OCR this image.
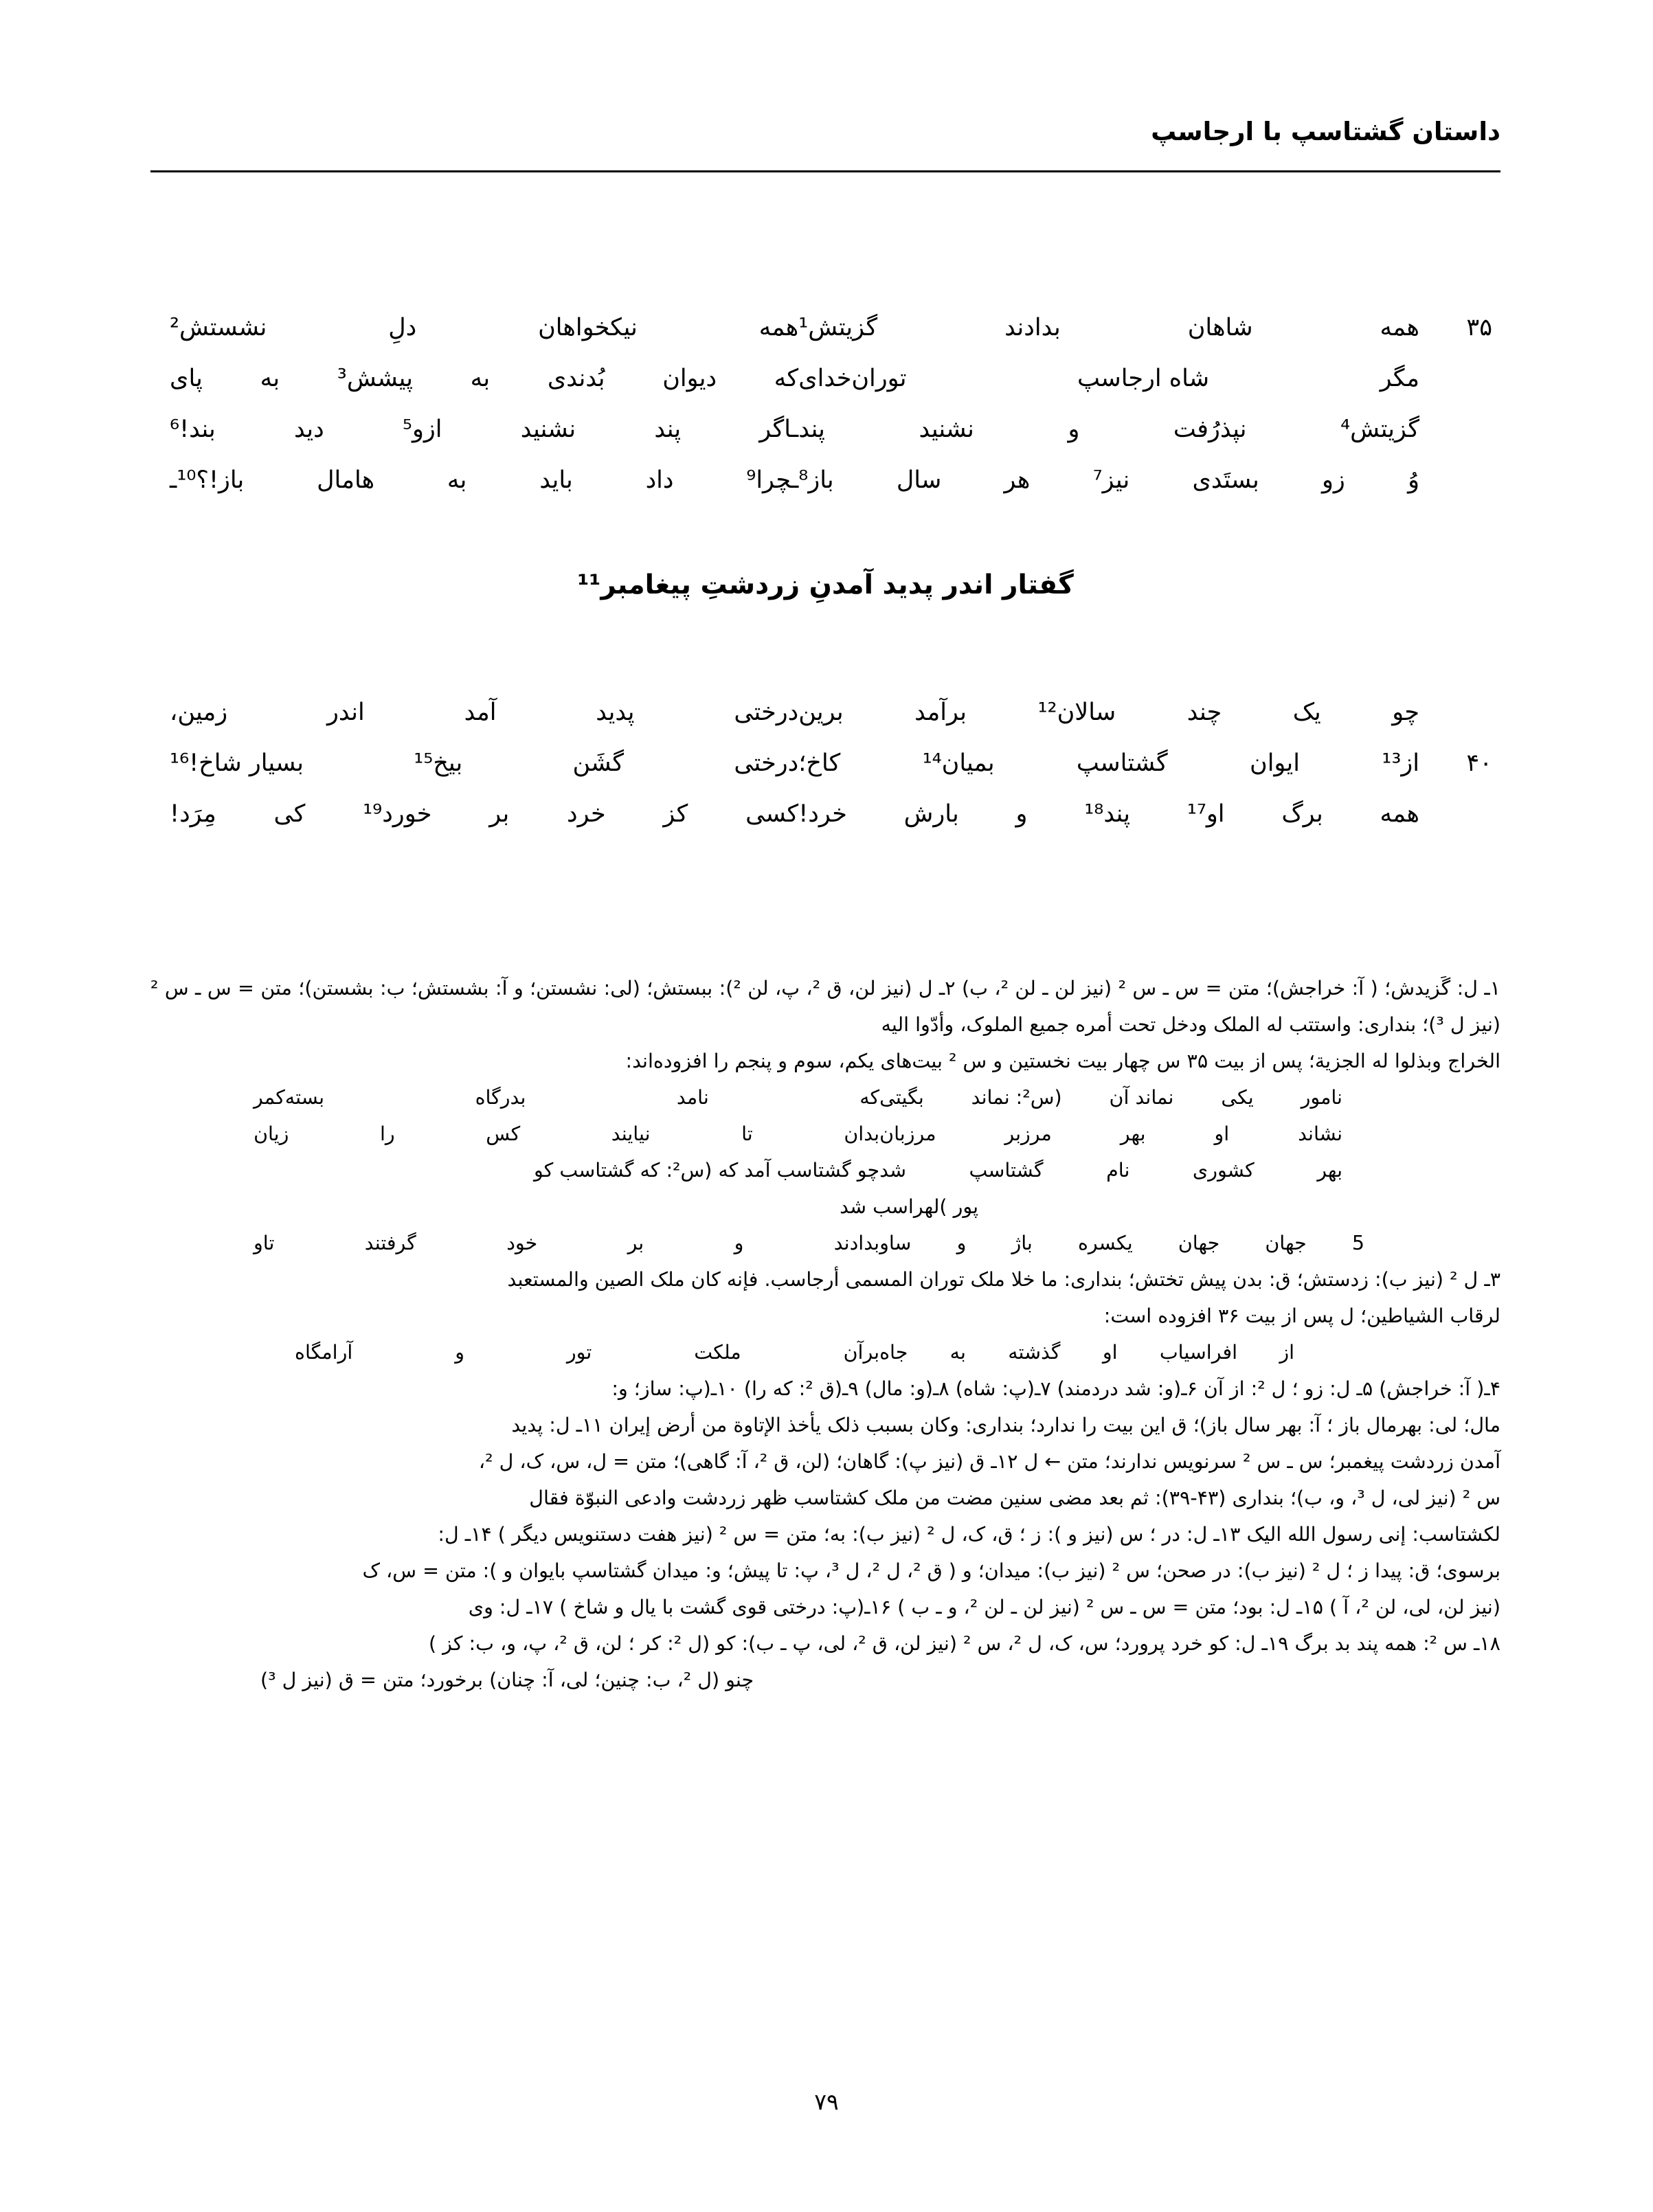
داستان گشتاسپ با ارجاسپ
۳۵
همه
شاهان
بدادند
گزیتش¹
همه
نیکخواهان
دلِ
نشستش²
مگر
شاه ارجاسپ
توران‌خدای
که
دیوان
بُدندی
به
پیشش³
به
پای
گزیتش⁴
نپذرُفت
و
نشنید
پند
ـاگر
پند
نشنید
ازو⁵
دید
بند!⁶
وُ
زو
بستَدی
نیز⁷
هر
سال
باز⁸
ـچرا⁹
داد
باید
به
هامال
باز!؟¹⁰ـ
گفتار اندر پدید آمدنِ زردشتِ پیغامبر¹¹
چو
یک
چند
سالان¹²
برآمد
برین
درختی
پدید
آمد
اندر
زمین،
۴۰
از¹³
ایوان
گشتاسپ
بمیان¹⁴
کاخ؛
درختی
گشَن
بیخ¹⁵
بسیار شاخ!¹⁶
همه
برگ
او¹⁷
پند¹⁸
و
بارش
خرد!
کسی
کز
خرد
بر
خورد¹⁹
کی
مِرَد!

۱ـ ل: گَزیدش؛ ( آ: خراجش)؛ متن = س ـ س ² (نیز لن ـ لن ²، ب) ۲ـ ل (نیز لن، ق ²، پ، لن ²): ببستش؛ (لی: نشستن؛ و آ: بشستش؛ ب: بشستن)؛ متن = س ـ س ² (نیز ل ³)؛ بنداری: واستتب له الملک ودخل تحت أمره جمیع الملوک، وأدّوا الیه

الخراج وبذلوا له الجزیة؛ پس از بیت ۳۵ س چهار بیت نخستین و س ² بیت‌های یکم، سوم و پنجم را افزوده‌اند:

نامور
یکی
نماند آن
(س²: نماند
بگیتی
که
نامد
بدرگاه
بسته‌کمر
نشاند
او
بهر
مرزبر
مرزبان
بدان
تا
نیایند
کس
را
زیان
بهر
کشوری
نام
گشتاسپ
شد
چو گشتاسب آمد که (س²: که گشتاسب کو
پور )لهراسب شد
5
جهان
جهان
یکسره
باژ
و
ساو
بدادند
و
بر
خود
گرفتند
تاو

۳ـ ل ² (نیز ب): زدستش؛ ق: بدن پیش تختش؛ بنداری: ما خلا ملک توران المسمی أرجاسب. فإنه کان ملک الصین والمستعبد

لرقاب الشیاطین؛ ل پس از بیت ۳۶ افزوده است:

از
افراسیاب
او
گذشته
به
جاه
برآن
ملکت
تور
و
آرامگاه

۴ـ( آ: خراجش) ۵ـ ل: زو ؛ ل ²: از آن ۶ـ(و: شد دردمند) ۷ـ(پ: شاه) ۸ـ(و: مال) ۹ـ(ق ²: که را) ۱۰ـ(پ: ساز؛ و:

مال؛ لی: بهرمال باز ؛ آ: بهر سال باز)؛ ق این بیت را ندارد؛ بنداری: وکان بسبب ذلک یأخذ الإتاوة من أرض إیران ۱۱ـ ل: پدید

آمدن زردشت پیغمبر؛ س ـ س ² سرنویس ندارند؛ متن ← ل ۱۲ـ ق (نیز پ): گاهان؛ (لن، ق ²، آ: گاهی)؛ متن = ل، س، ک، ل ²،

س ² (نیز لی، ل ³، و، ب)؛ بنداری (۴۳-۳۹): ثم بعد مضی سنین مضت من ملک کشتاسب ظهر زردشت وادعی النبوّة فقال

لکشتاسب: إنی رسول الله الیک ۱۳ـ ل: در ؛ س (نیز و ): ز ؛ ق، ک، ل ² (نیز ب): به؛ متن = س ² (نیز هفت دستنویس دیگر ) ۱۴ـ ل:

برسوی؛ ق: پیدا ز ؛ ل ² (نیز ب): در صحن؛ س ² (نیز ب): میدان؛ و ( ق ²، ل ²، ل ³، پ: تا پیش؛ و: میدان گشتاسپ بایوان و ): متن = س، ک

(نیز لن، لی، لن ²، آ ) ۱۵ـ ل: بود؛ متن = س ـ س ² (نیز لن ـ لن ²، و ـ ب ) ۱۶ـ(پ: درختی قوی گشت با یال و شاخ ) ۱۷ـ ل: وی

۱۸ـ س ²: همه پند بد برگ ۱۹ـ ل: کو خرد پرورد؛ س، ک، ل ²، س ² (نیز لن، ق ²، لی، پ ـ ب): کو (ل ²: کر ؛ لن، ق ²، پ، و، ب: کز )

چنو (ل ²، ب: چنین؛ لی، آ: چنان) برخورد؛ متن = ق (نیز ل ³)

۷۹
